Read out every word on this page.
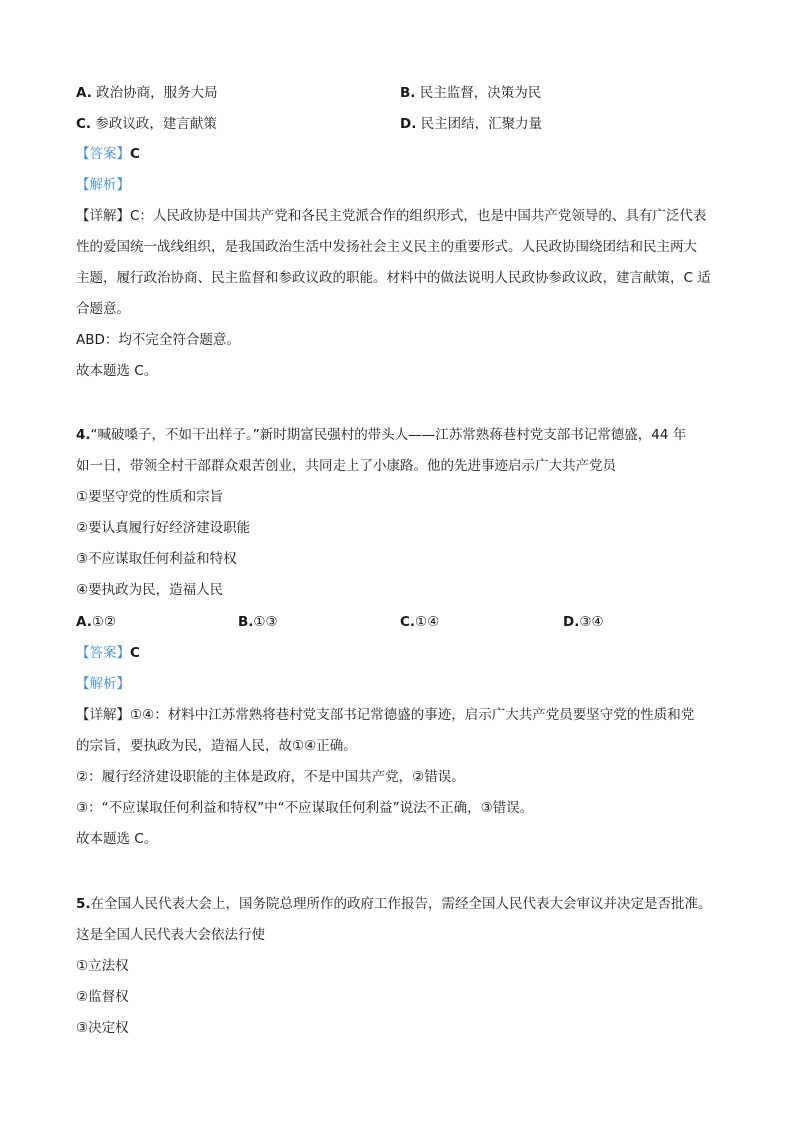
A. 政治协商，服务大局	B. 民主监督，决策为民
C. 参政议政，建言献策	D. 民主团结，汇聚力量
【答案】C
【解析】
【详解】C：人民政协是中国共产党和各民主党派合作的组织形式，也是中国共产党领导的、具有广泛代表
性的爱国统一战线组织，是我国政治生活中发扬社会主义民主的重要形式。人民政协围绕团结和民主两大
主题，履行政治协商、民主监督和参政议政的职能。材料中的做法说明人民政协参政议政，建言献策，C 适
合题意。
ABD：均不完全符合题意。
故本题选 C。
4.“喊破嗓子，不如干出样子。”新时期富民强村的带头人——江苏常熟蒋巷村党支部书记常德盛，44 年
如一日，带领全村干部群众艰苦创业，共同走上了小康路。他的先进事迹启示广大共产党员
①要坚守党的性质和宗旨
②要认真履行好经济建设职能
③不应谋取任何利益和特权
④要执政为民，造福人民
A.①②	B.①③	C.①④	D.③④
【答案】C
【解析】
【详解】①④：材料中江苏常熟将巷村党支部书记常德盛的事迹，启示广大共产党员要坚守党的性质和党
的宗旨，要执政为民，造福人民，故①④正确。
②：履行经济建设职能的主体是政府，不是中国共产党，②错误。
③：“不应谋取任何利益和特权”中“不应谋取任何利益”说法不正确，③错误。
故本题选 C。
5.在全国人民代表大会上，国务院总理所作的政府工作报告，需经全国人民代表大会审议并决定是否批准。
这是全国人民代表大会依法行使
①立法权
②监督权
③决定权
